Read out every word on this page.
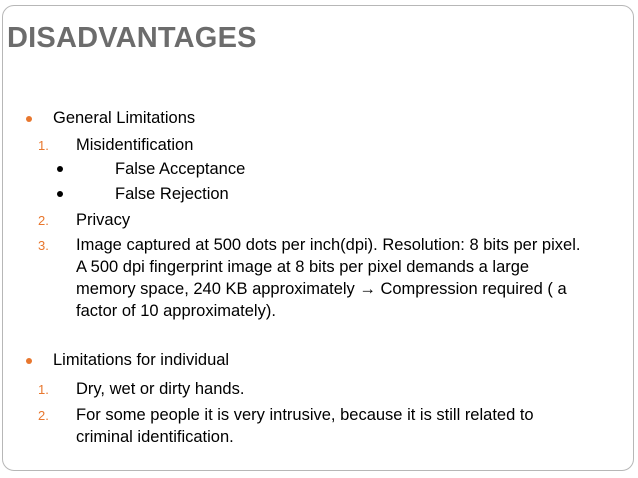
DISADVANTAGES
General Limitations
1. Misidentification
False Acceptance
False Rejection
2. Privacy
3. Image captured at 500 dots per inch(dpi). Resolution: 8 bits per pixel.
A 500 dpi fingerprint image at 8 bits per pixel demands a large
memory space, 240 KB approximately → Compression required ( a
factor of 10 approximately).
Limitations for individual
1. Dry, wet or dirty hands.
2. For some people it is very intrusive, because it is still related to
criminal identification.
